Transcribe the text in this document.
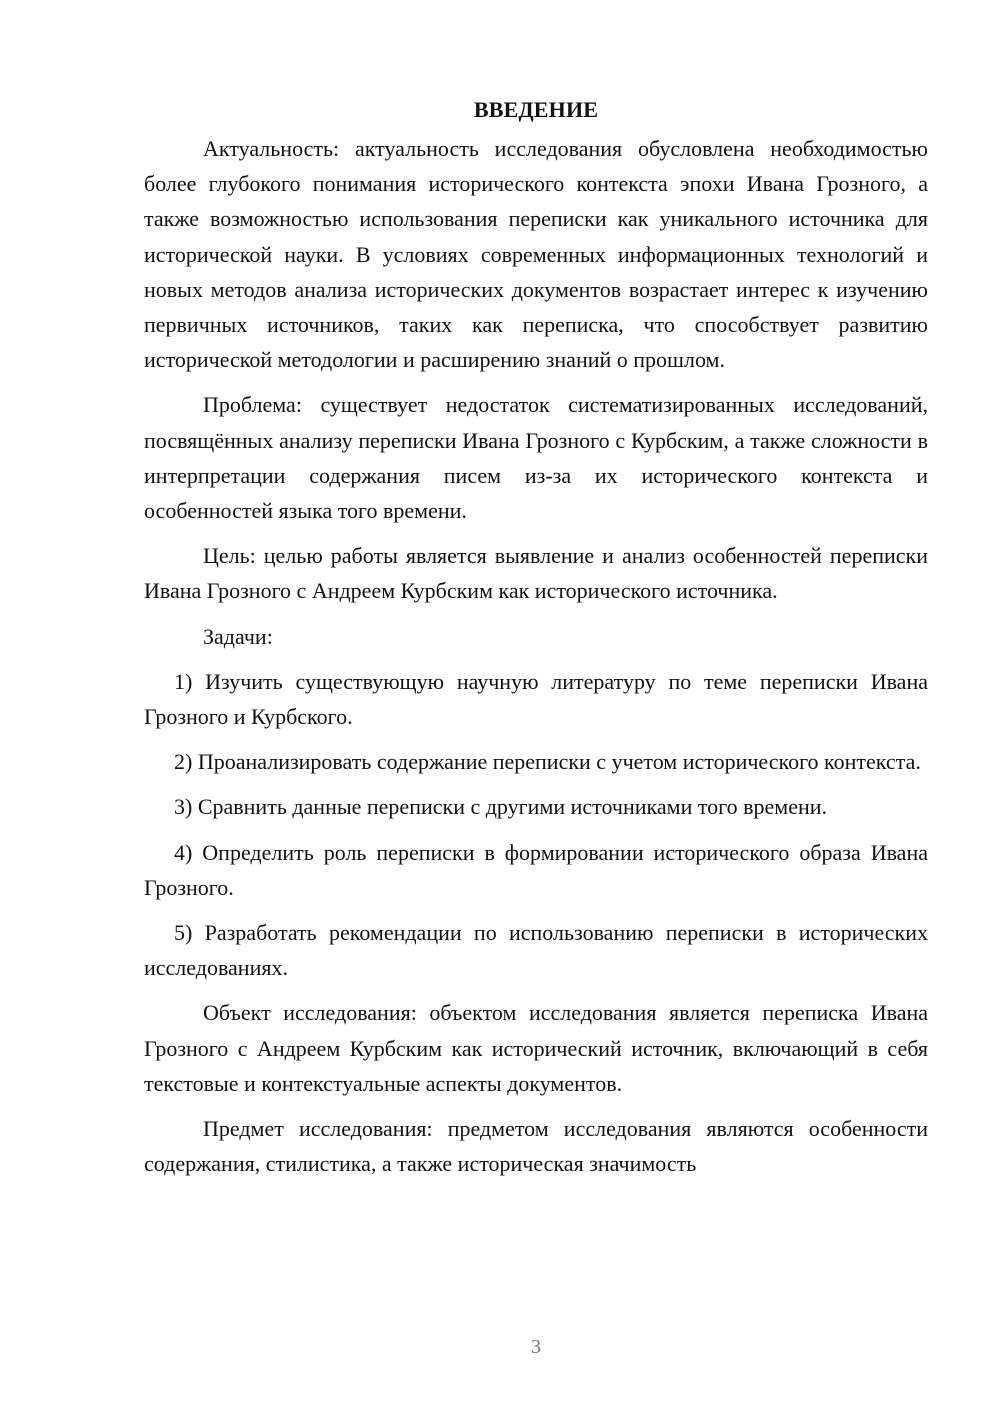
ВВЕДЕНИЕ

Актуальность: актуальность исследования обусловлена необходимостью более глубокого понимания исторического контекста эпохи Ивана Грозного, а также возможностью использования переписки как уникального источника для исторической науки. В условиях современных информационных технологий и новых методов анализа исторических документов возрастает интерес к изучению первичных источников, таких как переписка, что способствует развитию исторической методологии и расширению знаний о прошлом.

Проблема: существует недостаток систематизированных исследований, посвящённых анализу переписки Ивана Грозного с Курбским, а также сложности в интерпретации содержания писем из-за их исторического контекста и особенностей языка того времени.

Цель: целью работы является выявление и анализ особенностей переписки Ивана Грозного с Андреем Курбским как исторического источника.

Задачи:

1) Изучить существующую научную литературу по теме переписки Ивана Грозного и Курбского.

2) Проанализировать содержание переписки с учетом исторического контекста.

3) Сравнить данные переписки с другими источниками того времени.

4) Определить роль переписки в формировании исторического образа Ивана Грозного.

5) Разработать рекомендации по использованию переписки в исторических исследованиях.

Объект исследования: объектом исследования является переписка Ивана Грозного с Андреем Курбским как исторический источник, включающий в себя текстовые и контекстуальные аспекты документов.

Предмет исследования: предметом исследования являются особенности содержания, стилистика, а также историческая значимость

3
